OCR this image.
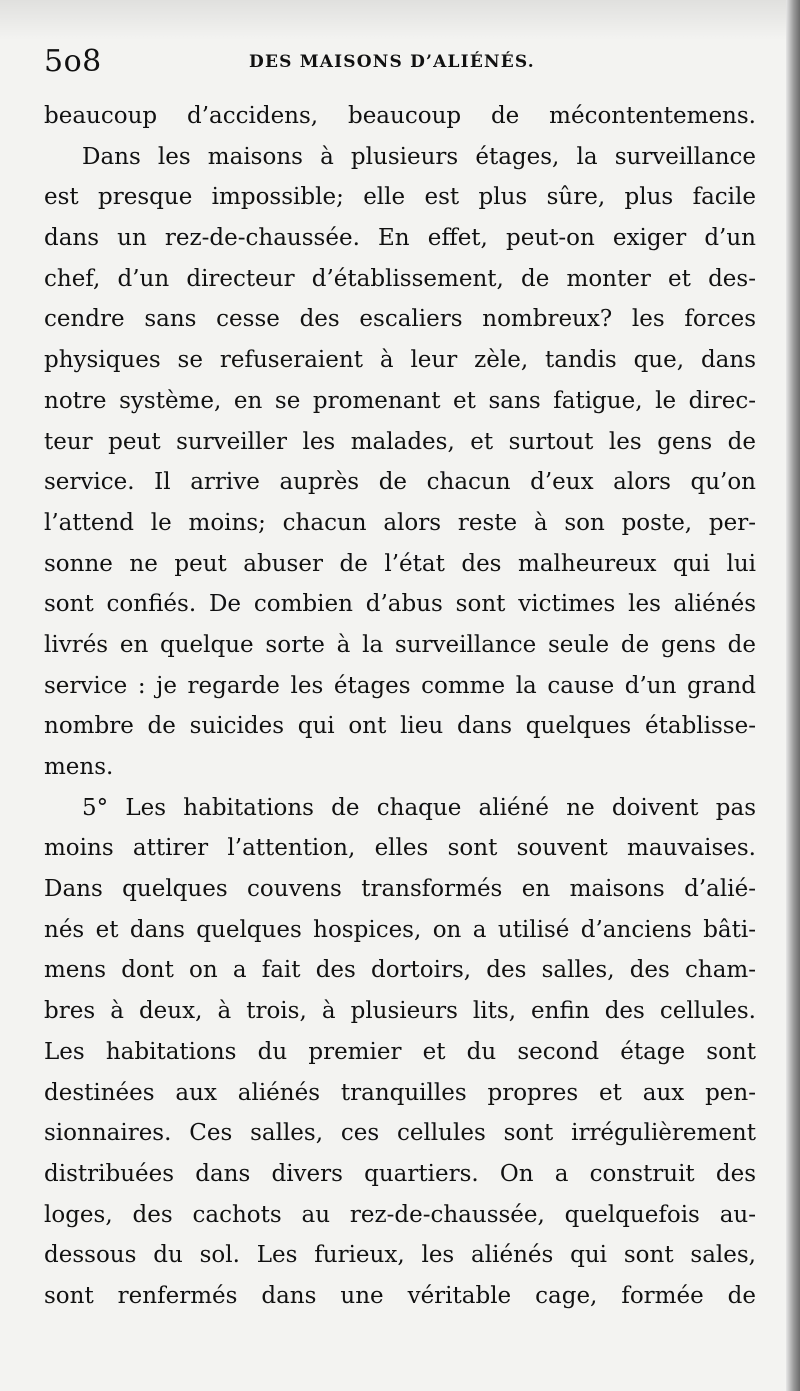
5o8	DES MAISONS D’ALIÉNÉS.
beaucoup d’accidens, beaucoup de mécontentemens.
Dans les maisons à plusieurs étages, la surveillance
est presque impossible; elle est plus sûre, plus facile
dans un rez-de-chaussée. En effet, peut-on exiger d’un
chef, d’un directeur d’établissement, de monter et des-
cendre sans cesse des escaliers nombreux? les forces
physiques se refuseraient à leur zèle, tandis que, dans
notre système, en se promenant et sans fatigue, le direc-
teur peut surveiller les malades, et surtout les gens de
service. Il arrive auprès de chacun d’eux alors qu’on
l’attend le moins; chacun alors reste à son poste, per-
sonne ne peut abuser de l’état des malheureux qui lui
sont confiés. De combien d’abus sont victimes les aliénés
livrés en quelque sorte à la surveillance seule de gens de
service : je regarde les étages comme la cause d’un grand
nombre de suicides qui ont lieu dans quelques établisse-
mens.
5° Les habitations de chaque aliéné ne doivent pas
moins attirer l’attention, elles sont souvent mauvaises.
Dans quelques couvens transformés en maisons d’alié-
nés et dans quelques hospices, on a utilisé d’anciens bâti-
mens dont on a fait des dortoirs, des salles, des cham-
bres à deux, à trois, à plusieurs lits, enfin des cellules.
Les habitations du premier et du second étage sont
destinées aux aliénés tranquilles propres et aux pen-
sionnaires. Ces salles, ces cellules sont irrégulièrement
distribuées dans divers quartiers. On a construit des
loges, des cachots au rez-de-chaussée, quelquefois au-
dessous du sol. Les furieux, les aliénés qui sont sales,
sont renfermés dans une véritable cage, formée de
